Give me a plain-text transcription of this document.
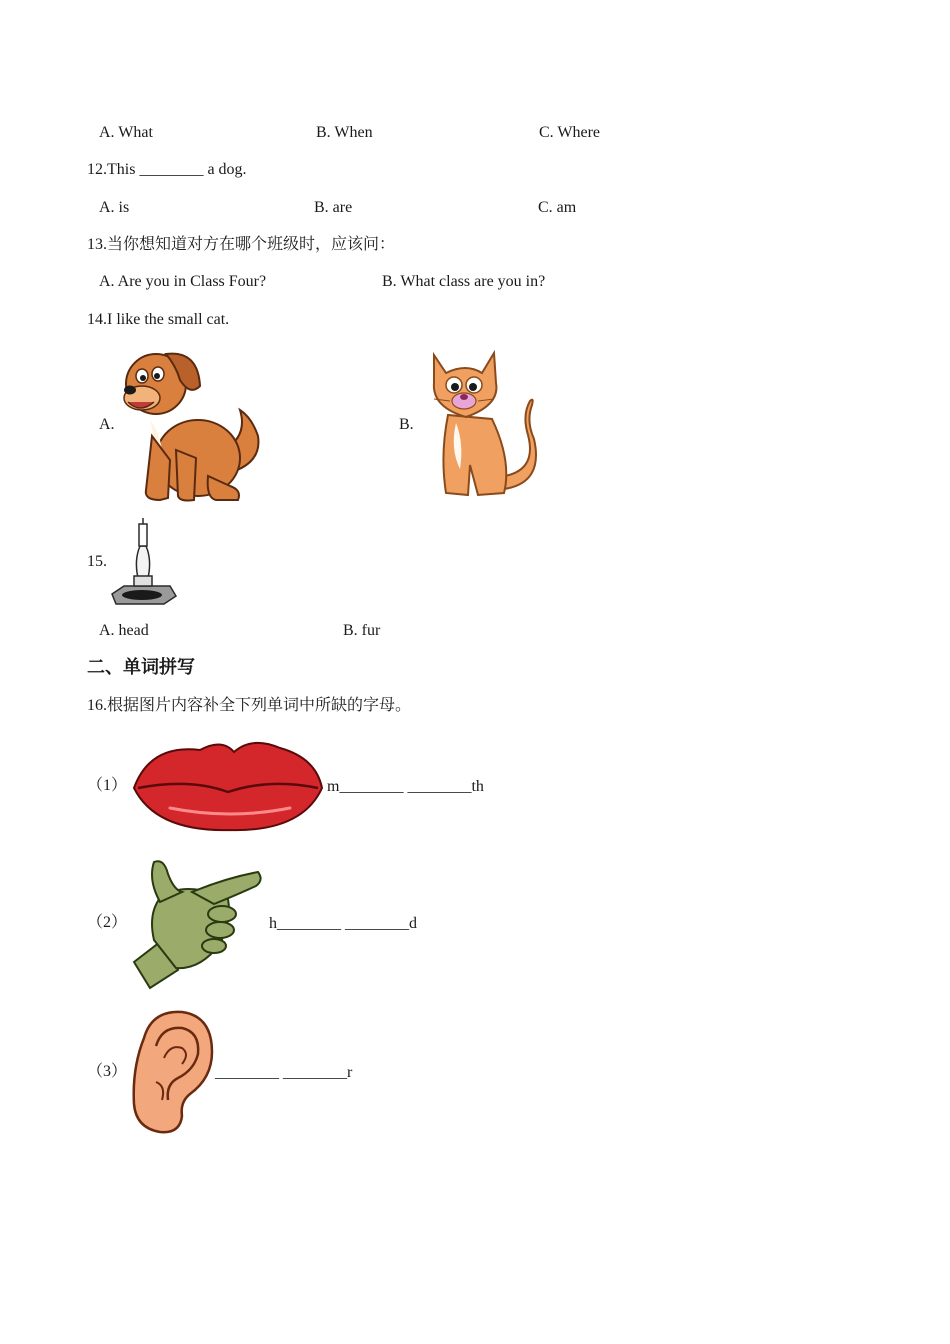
A. What	B. When	C. Where
12.This ________ a dog.
A. is	B. are	C. am
13.当你想知道对方在哪个班级时，应该问：
A. Are you in Class Four?	B. What class are you in?
14.I like the small cat.
A.	B.
15.
A. head	B. fur
二、单词拼写
16.根据图片内容补全下列单词中所缺的字母。
（1）	m________ ________th
（2）	h________ ________d
（3）	________ ________r
